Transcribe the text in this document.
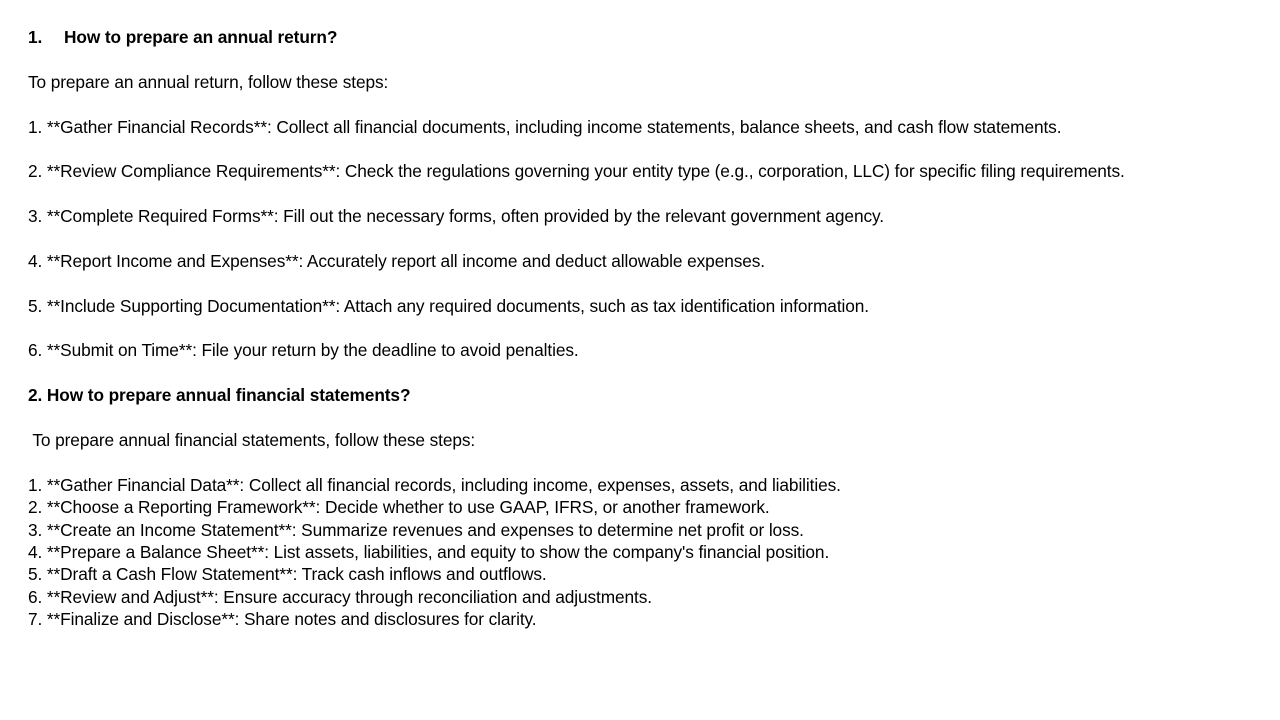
1. How to prepare an annual return?
To prepare an annual return, follow these steps:
1. **Gather Financial Records**: Collect all financial documents, including income statements, balance sheets, and cash flow statements.
2. **Review Compliance Requirements**: Check the regulations governing your entity type (e.g., corporation, LLC) for specific filing requirements.
3. **Complete Required Forms**: Fill out the necessary forms, often provided by the relevant government agency.
4. **Report Income and Expenses**: Accurately report all income and deduct allowable expenses.
5. **Include Supporting Documentation**: Attach any required documents, such as tax identification information.
6. **Submit on Time**: File your return by the deadline to avoid penalties.
2. How to prepare annual financial statements?
To prepare annual financial statements, follow these steps:
1. **Gather Financial Data**: Collect all financial records, including income, expenses, assets, and liabilities.
2. **Choose a Reporting Framework**: Decide whether to use GAAP, IFRS, or another framework.
3. **Create an Income Statement**: Summarize revenues and expenses to determine net profit or loss.
4. **Prepare a Balance Sheet**: List assets, liabilities, and equity to show the company's financial position.
5. **Draft a Cash Flow Statement**: Track cash inflows and outflows.
6. **Review and Adjust**: Ensure accuracy through reconciliation and adjustments.
7. **Finalize and Disclose**: Share notes and disclosures for clarity.
